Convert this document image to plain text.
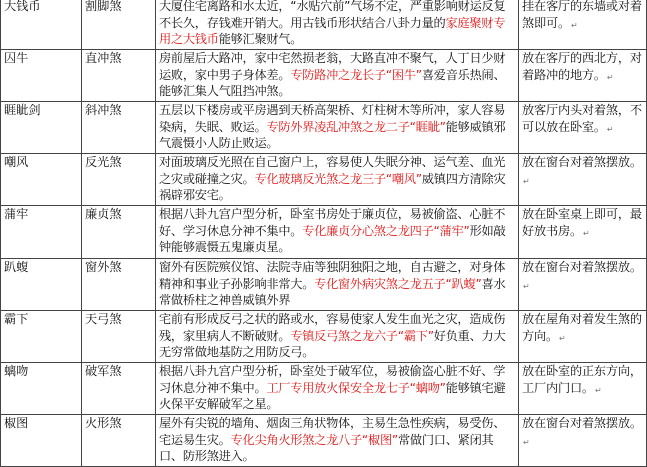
大钱币	割脚煞	大厦住宅离路和水太近，“水贴穴前”气场不定，严重影响财运反复不长久，存钱难开销大。用古钱币形状结合八卦力量的家庭聚财专用之大钱币能够汇聚财气。	挂在客厅的东墙或对着煞即可。↵
囚牛	直冲煞	房前屋后大路冲，家中宅然损老翁，大路直冲不聚气，人丁日少财运败，家中男子身体差。专防路冲之龙长子“困牛”喜爱音乐热闹、能够汇集人气阻挡冲煞。	放在客厅的西北方，对着路冲的地方。↵
睚眦剑	斜冲煞	五层以下楼房或平房遇到天桥高架桥、灯柱树木等所冲，家人容易染病，失眠、败运。专防外界凌乱冲煞之龙二子“睚眦”能够威镇邪气震慑小人防止败运。	放客厅内头对着煞，不可以放在卧室。↵
嘲风	反光煞	对面玻璃反光照在自己窗户上，容易使人失眠分神、运气差、血光之灾或碰撞之灾。专化玻璃反光煞之龙三子“嘲风”威镇四方清除灾祸辟邪安宅。	放在窗台对着煞摆放。↵
蒲牢	廉贞煞	根据八卦九宫户型分析，卧室书房处于廉贞位，易被偷盗、心脏不好、学习休息分神不集中。专化廉贞分心煞之龙四子“蒲牢”形如敲钟能够震慑五鬼廉贞星。	放在卧室桌上即可，最好放书房。↵
趴蝮	窗外煞	窗外有医院殡仪馆、法院寺庙等独阴独阳之地，自古避之，对身体精神和事业子孙影响非常大。专化窗外病灾煞之龙五子“趴蝮”喜水常做桥柱之神兽威镇外界	放在窗台对着煞摆放。↵
霸下	天弓煞	宅前有形成反弓之状的路或水，容易使家人发生血光之灾，造成伤残，家里病人不断破财。专镇反弓煞之龙六子“霸下”好负重、力大无穷常做地基防之用防反弓。	放在屋角对着发生煞的方向。↵
螭吻	破军煞	根据八卦九宫户型分析，卧室处于破军位，易被偷盗心脏不好、学习休息分神不集中。工厂专用放火保安全龙七子“螭吻”能够镇宅避火保平安解破军之星。	放在卧室的正东方向，工厂内门口。↵
椒图	火形煞	屋外有尖锐的墙角、烟囱三角状物体，主易生急性疾病，易受伤、宅运易生灾。专化尖角火形煞之龙八子“椒图”常做门口、紧闭其口、防形煞进入。	放在窗台对着煞摆放。↵
